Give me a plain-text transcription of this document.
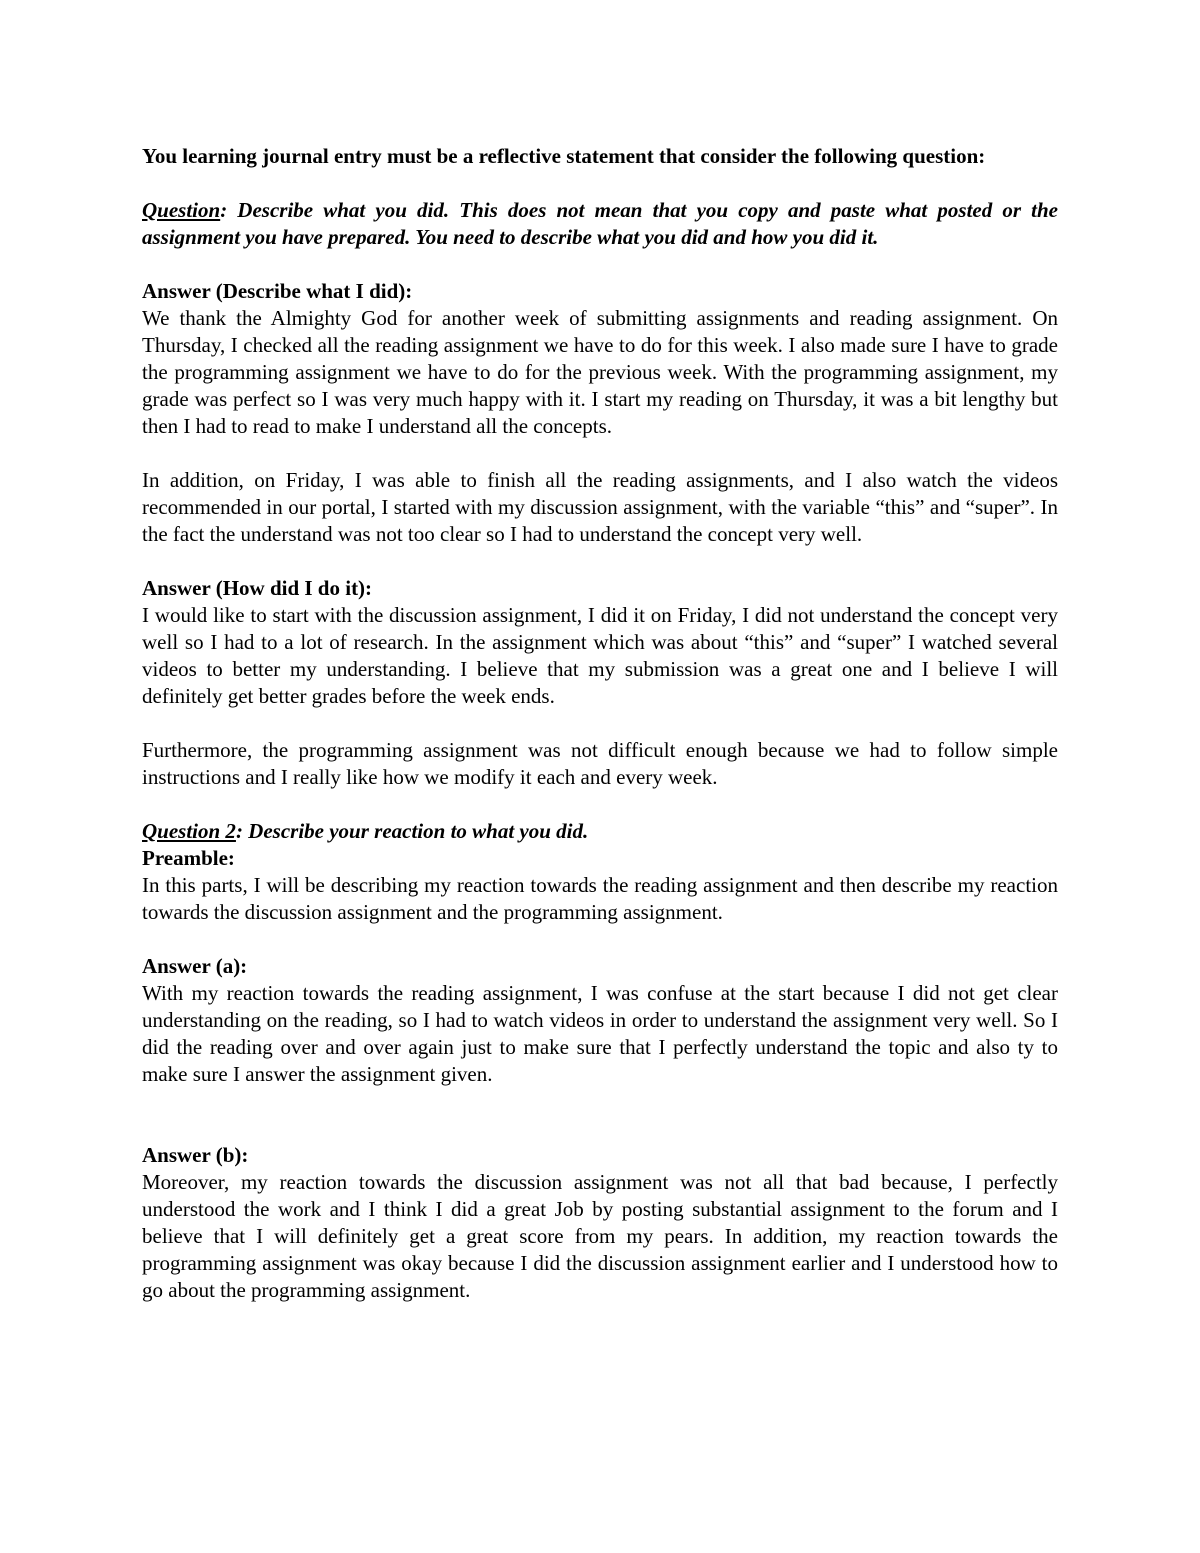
You learning journal entry must be a reflective statement that consider the following question:

Question: Describe what you did. This does not mean that you copy and paste what posted or the assignment you have prepared. You need to describe what you did and how you did it.

Answer (Describe what I did):

We thank the Almighty God for another week of submitting assignments and reading assignment. On Thursday, I checked all the reading assignment we have to do for this week. I also made sure I have to grade the programming assignment we have to do for the previous week. With the programming assignment, my grade was perfect so I was very much happy with it. I start my reading on Thursday, it was a bit lengthy but then I had to read to make I understand all the concepts.

In addition, on Friday, I was able to finish all the reading assignments, and I also watch the videos recommended in our portal, I started with my discussion assignment, with the variable “this” and “super”. In the fact the understand was not too clear so I had to understand the concept very well.

Answer (How did I do it):

I would like to start with the discussion assignment, I did it on Friday, I did not understand the concept very well so I had to a lot of research. In the assignment which was about “this” and “super” I watched several videos to better my understanding. I believe that my submission was a great one and I believe I will definitely get better grades before the week ends.

Furthermore, the programming assignment was not difficult enough because we had to follow simple instructions and I really like how we modify it each and every week.

Question 2: Describe your reaction to what you did.

Preamble:

In this parts, I will be describing my reaction towards the reading assignment and then describe my reaction towards the discussion assignment and the programming assignment.

Answer (a):

With my reaction towards the reading assignment, I was confuse at the start because I did not get clear understanding on the reading, so I had to watch videos in order to understand the assignment very well. So I did the reading over and over again just to make sure that I perfectly understand the topic and also ty to make sure I answer the assignment given.

Answer (b):

Moreover, my reaction towards the discussion assignment was not all that bad because, I perfectly understood the work and I think I did a great Job by posting substantial assignment to the forum and I believe that I will definitely get a great score from my pears. In addition, my reaction towards the programming assignment was okay because I did the discussion assignment earlier and I understood how to go about the programming assignment.
